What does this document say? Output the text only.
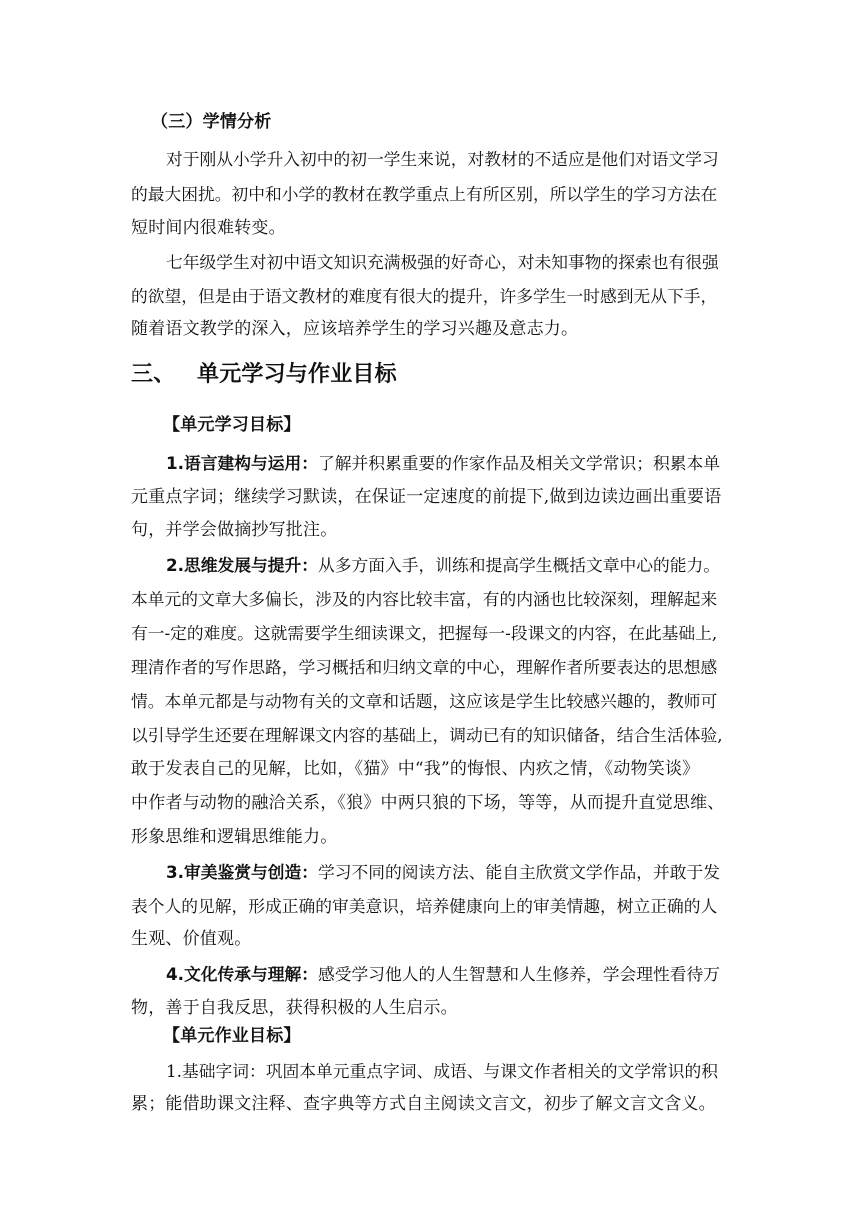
（三）学情分析
对于刚从小学升入初中的初一学生来说，对教材的不适应是他们对语文学习
的最大困扰。初中和小学的教材在教学重点上有所区别，所以学生的学习方法在
短时间内很难转变。
七年级学生对初中语文知识充满极强的好奇心，对未知事物的探索也有很强
的欲望，但是由于语文教材的难度有很大的提升，许多学生一时感到无从下手，
随着语文教学的深入，应该培养学生的学习兴趣及意志力。
三、 单元学习与作业目标
【单元学习目标】
1.语言建构与运用：了解并积累重要的作家作品及相关文学常识；积累本单
元重点字词；继续学习默读，在保证一定速度的前提下,做到边读边画出重要语
句，并学会做摘抄写批注。
2.思维发展与提升：从多方面入手，训练和提高学生概括文章中心的能力。
本单元的文章大多偏长，涉及的内容比较丰富，有的内涵也比较深刻，理解起来
有一-定的难度。这就需要学生细读课文，把握每一-段课文的内容，在此基础上,
理清作者的写作思路，学习概括和归纳文章的中心，理解作者所要表达的思想感
情。本单元都是与动物有关的文章和话题，这应该是学生比较感兴趣的，教师可
以引导学生还要在理解课文内容的基础上，调动已有的知识储备，结合生活体验,
敢于发表自己的见解，比如，《猫》中“我”的悔恨、内疚之情，《动物笑谈》
中作者与动物的融洽关系，《狼》中两只狼的下场，等等，从而提升直觉思维、
形象思维和逻辑思维能力。
3.审美鉴赏与创造：学习不同的阅读方法、能自主欣赏文学作品，并敢于发
表个人的见解，形成正确的审美意识，培养健康向上的审美情趣，树立正确的人
生观、价值观。
4.文化传承与理解：感受学习他人的人生智慧和人生修养，学会理性看待万
物，善于自我反思，获得积极的人生启示。
【单元作业目标】
1.基础字词：巩固本单元重点字词、成语、与课文作者相关的文学常识的积
累；能借助课文注释、查字典等方式自主阅读文言文，初步了解文言文含义。
